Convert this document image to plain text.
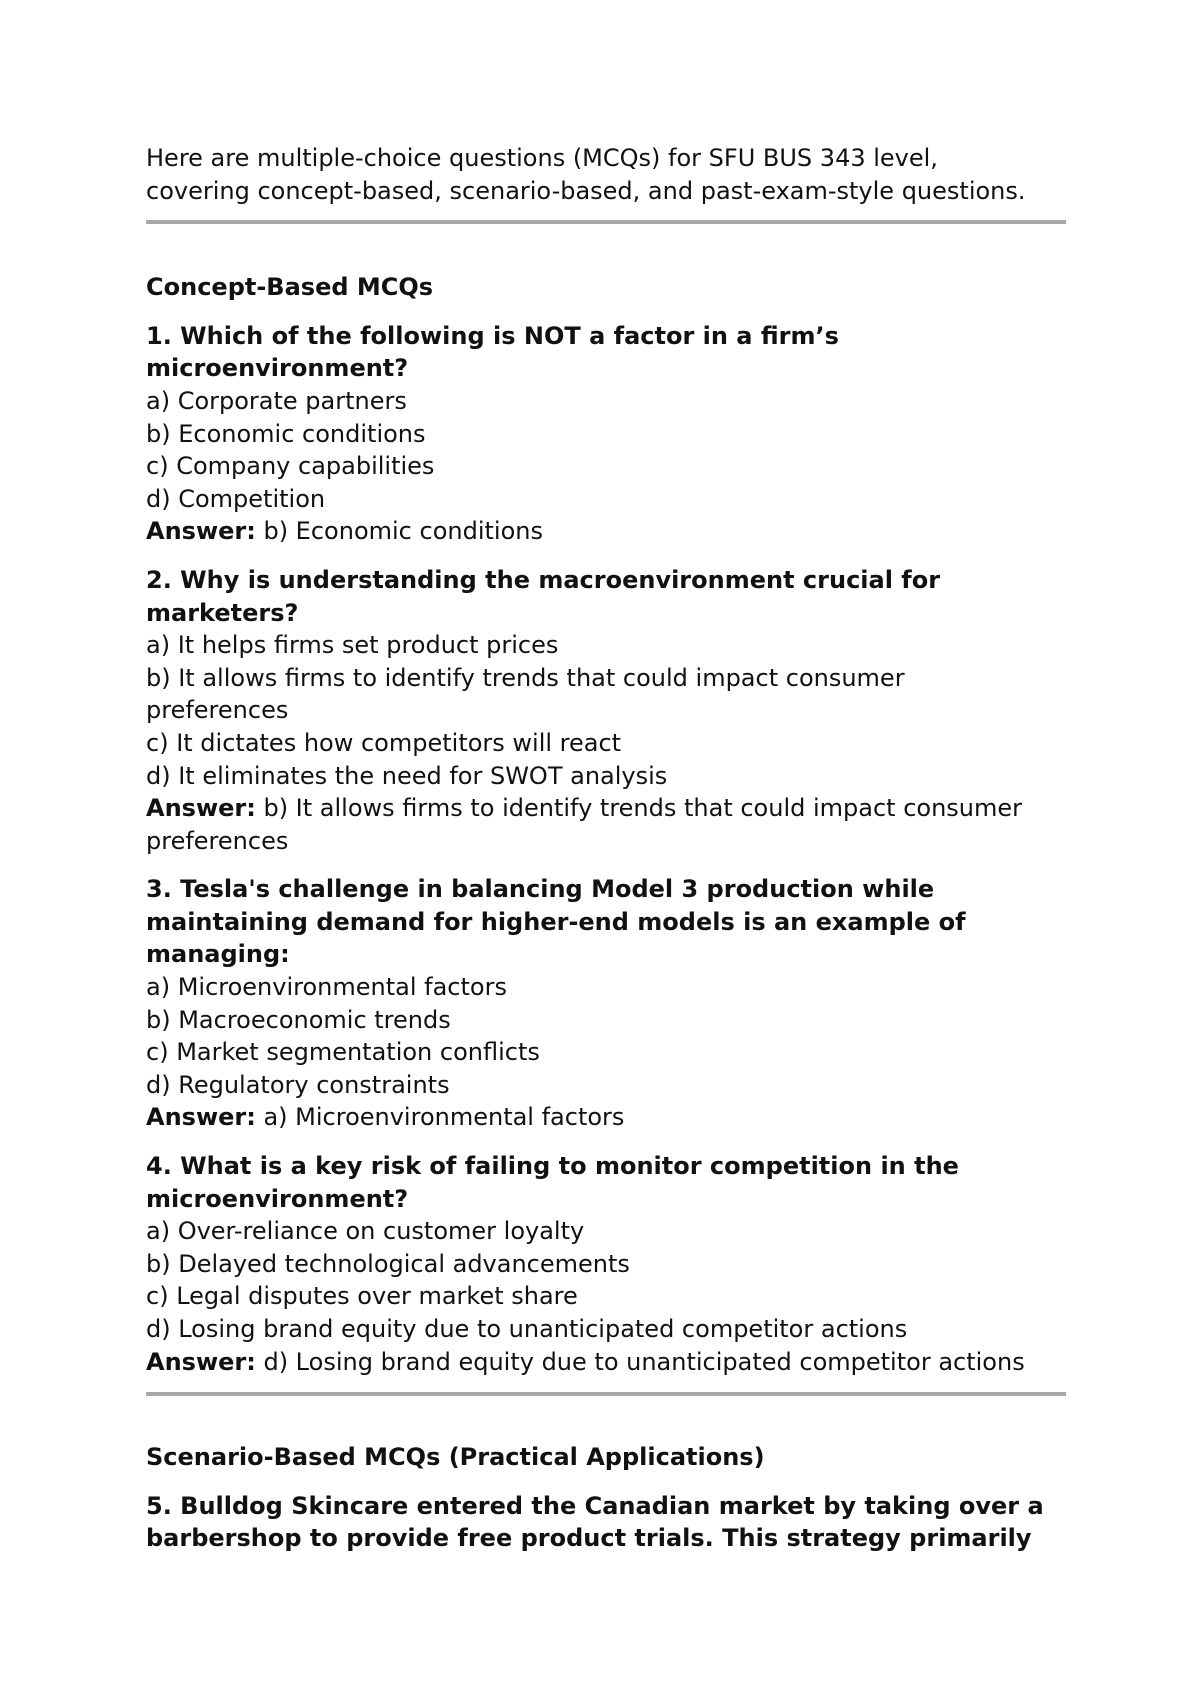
Here are multiple-choice questions (MCQs) for SFU BUS 343 level,
covering concept-based, scenario-based, and past-exam-style questions.

Concept-Based MCQs
1. Which of the following is NOT a factor in a firm’s
microenvironment?
a) Corporate partners
b) Economic conditions
c) Company capabilities
d) Competition
Answer: b) Economic conditions
2. Why is understanding the macroenvironment crucial for
marketers?
a) It helps firms set product prices
b) It allows firms to identify trends that could impact consumer
preferences
c) It dictates how competitors will react
d) It eliminates the need for SWOT analysis
Answer: b) It allows firms to identify trends that could impact consumer
preferences
3. Tesla's challenge in balancing Model 3 production while
maintaining demand for higher-end models is an example of
managing:
a) Microenvironmental factors
b) Macroeconomic trends
c) Market segmentation conflicts
d) Regulatory constraints
Answer: a) Microenvironmental factors
4. What is a key risk of failing to monitor competition in the
microenvironment?
a) Over-reliance on customer loyalty
b) Delayed technological advancements
c) Legal disputes over market share
d) Losing brand equity due to unanticipated competitor actions
Answer: d) Losing brand equity due to unanticipated competitor actions
Scenario-Based MCQs (Practical Applications)
5. Bulldog Skincare entered the Canadian market by taking over a
barbershop to provide free product trials. This strategy primarily
